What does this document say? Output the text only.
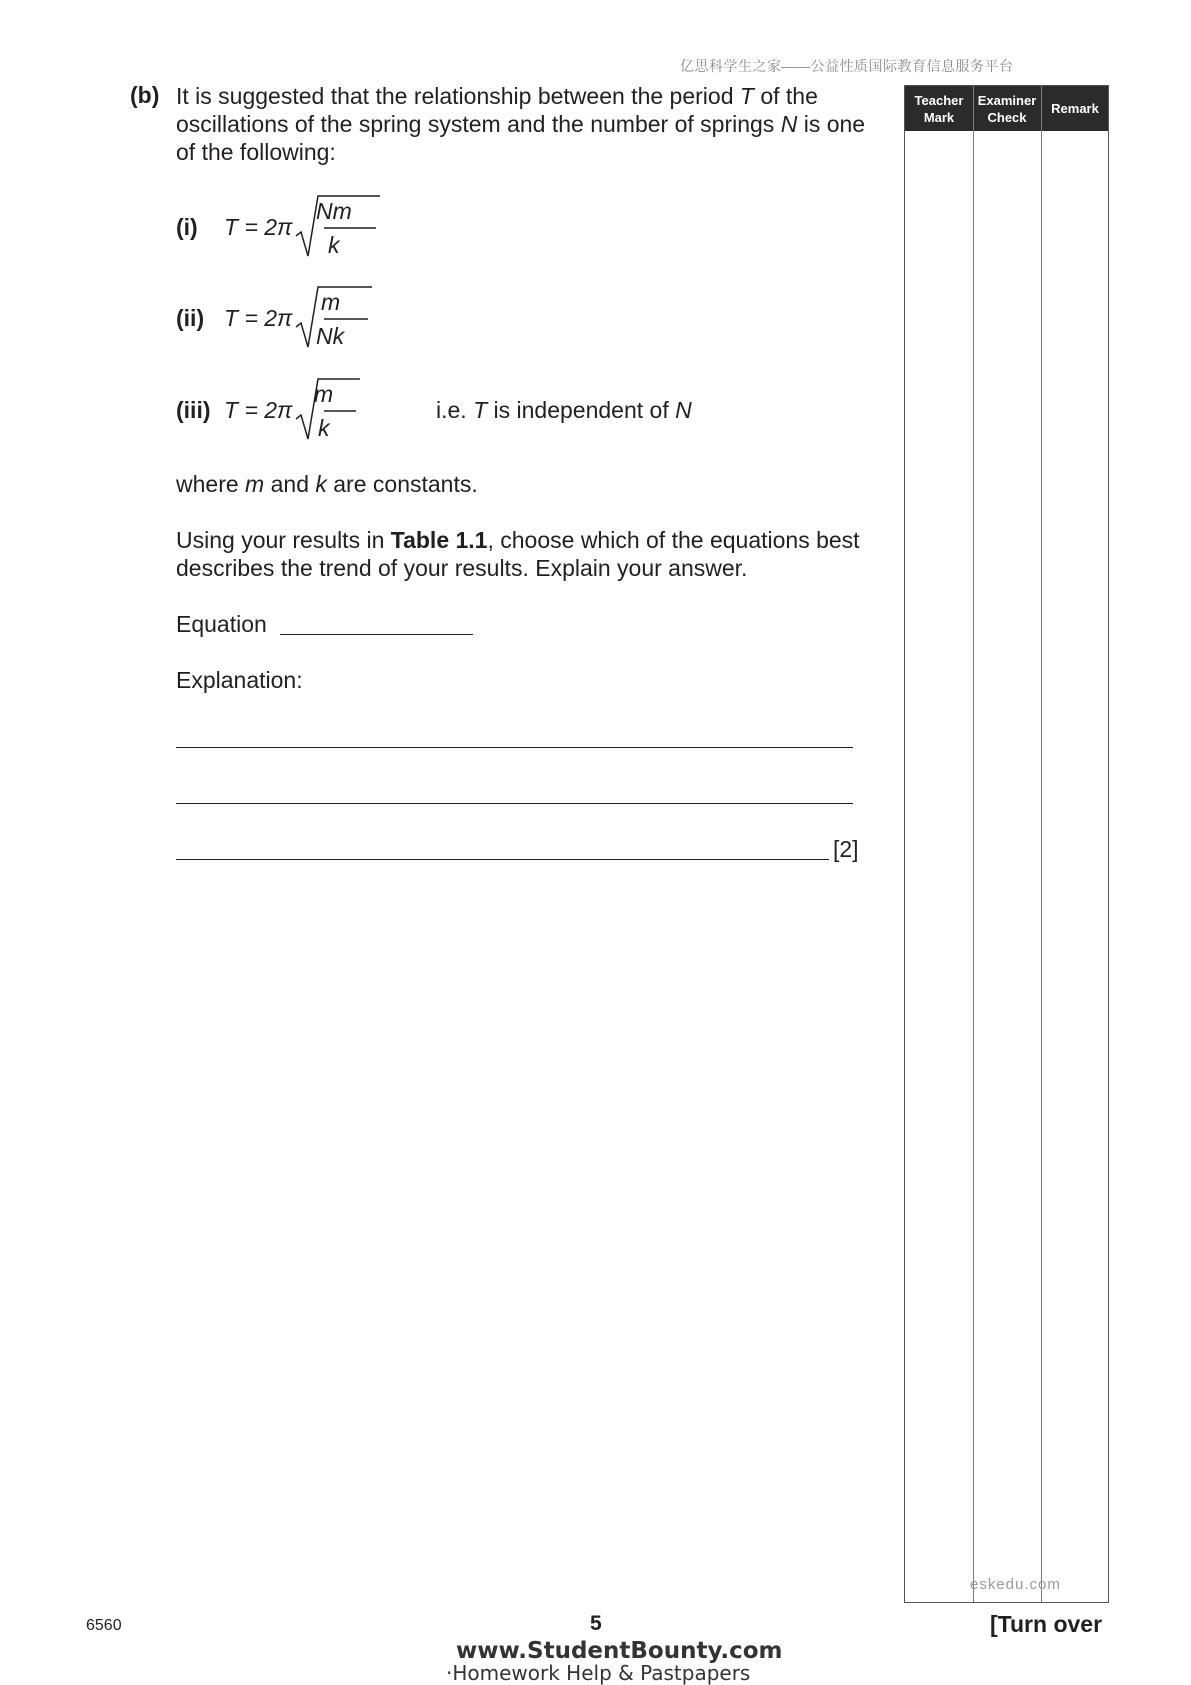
亿思科学生之家——公益性质国际教育信息服务平台
(b) It is suggested that the relationship between the period T of the oscillations of the spring system and the number of springs N is one of the following:
(i) T = 2π
Nm
k
(ii) T = 2π
m
Nk
(iii) T = 2π
m
k
i.e. T is independent of N
where m and k are constants.
Using your results in Table 1.1, choose which of the equations best describes the trend of your results. Explain your answer.
Equation
Explanation:
[2]
Teacher Mark
Examiner Check
Remark
eskedu.com
6560	5	[Turn over
www.StudentBounty.com
·Homework Help & Pastpapers
